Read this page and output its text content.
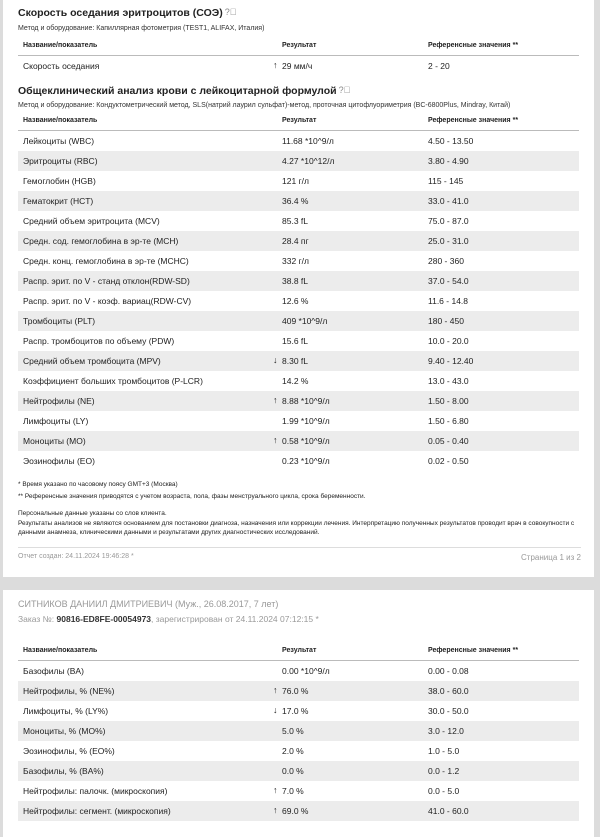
Скорость оседания эритроцитов (СОЭ) ?⃝
Метод и оборудование: Капиллярная фотометрия (TEST1, ALIFAX, Италия)
Название/показатель	Результат	Референсные значения **
Скорость оседания	↑ 29 мм/ч	2 - 20
Общеклинический анализ крови с лейкоцитарной формулой ?⃝
Метод и оборудование: Кондуктометрический метод, SLS(натрий лаурил сульфат)-метод, проточная цитофлуориметрия (BC-6800Plus, Mindray, Китай)
Название/показатель	Результат	Референсные значения **
Лейкоциты (WBC)	11.68 *10^9/л	4.50 - 13.50
Эритроциты (RBC)	4.27 *10^12/л	3.80 - 4.90
Гемоглобин (HGB)	121 г/л	115 - 145
Гематокрит (HCT)	36.4 %	33.0 - 41.0
Средний объем эритроцита (MCV)	85.3 fL	75.0 - 87.0
Средн. сод. гемоглобина в эр-те (MCH)	28.4 пг	25.0 - 31.0
Средн. конц. гемоглобина в эр-те (MCHC)	332 г/л	280 - 360
Распр. эрит. по V - станд отклон(RDW-SD)	38.8 fL	37.0 - 54.0
Распр. эрит. по V - коэф. вариац(RDW-CV)	12.6 %	11.6 - 14.8
Тромбоциты (PLT)	409 *10^9/л	180 - 450
Распр. тромбоцитов по объему (PDW)	15.6 fL	10.0 - 20.0
Средний объем тромбоцита (MPV)	↓ 8.30 fL	9.40 - 12.40
Коэффициент больших тромбоцитов (P-LCR)	14.2 %	13.0 - 43.0
Нейтрофилы (NE)	↑ 8.88 *10^9/л	1.50 - 8.00
Лимфоциты (LY)	1.99 *10^9/л	1.50 - 6.80
Моноциты (MO)	↑ 0.58 *10^9/л	0.05 - 0.40
Эозинофилы (EO)	0.23 *10^9/л	0.02 - 0.50
* Время указано по часовому поясу GMT+3 (Москва)
** Референсные значения приводятся с учетом возраста, пола, фазы менструального цикла, срока беременности.
Персональные данные указаны со слов клиента.
Результаты анализов не являются основанием для постановки диагноза, назначения или коррекции лечения. Интерпретацию полученных результатов проводит врач в совокупности с данными анамнеза, клиническими данными и результатами других диагностических исследований.
Отчет создан: 24.11.2024 19:46:28 *	Страница 1 из 2
СИТНИКОВ ДАНИИЛ ДМИТРИЕВИЧ (Муж., 26.08.2017, 7 лет)
Заказ №: 90816-ED8FE-00054973, зарегистрирован от 24.11.2024 07:12:15 *
Название/показатель	Результат	Референсные значения **
Базофилы (BA)	0.00 *10^9/л	0.00 - 0.08
Нейтрофилы, % (NE%)	↑ 76.0 %	38.0 - 60.0
Лимфоциты, % (LY%)	↓ 17.0 %	30.0 - 50.0
Моноциты, % (MO%)	5.0 %	3.0 - 12.0
Эозинофилы, % (EO%)	2.0 %	1.0 - 5.0
Базофилы, % (BA%)	0.0 %	0.0 - 1.2
Нейтрофилы: палочк. (микроскопия)	↑ 7.0 %	0.0 - 5.0
Нейтрофилы: сегмент. (микроскопия)	↑ 69.0 %	41.0 - 60.0
